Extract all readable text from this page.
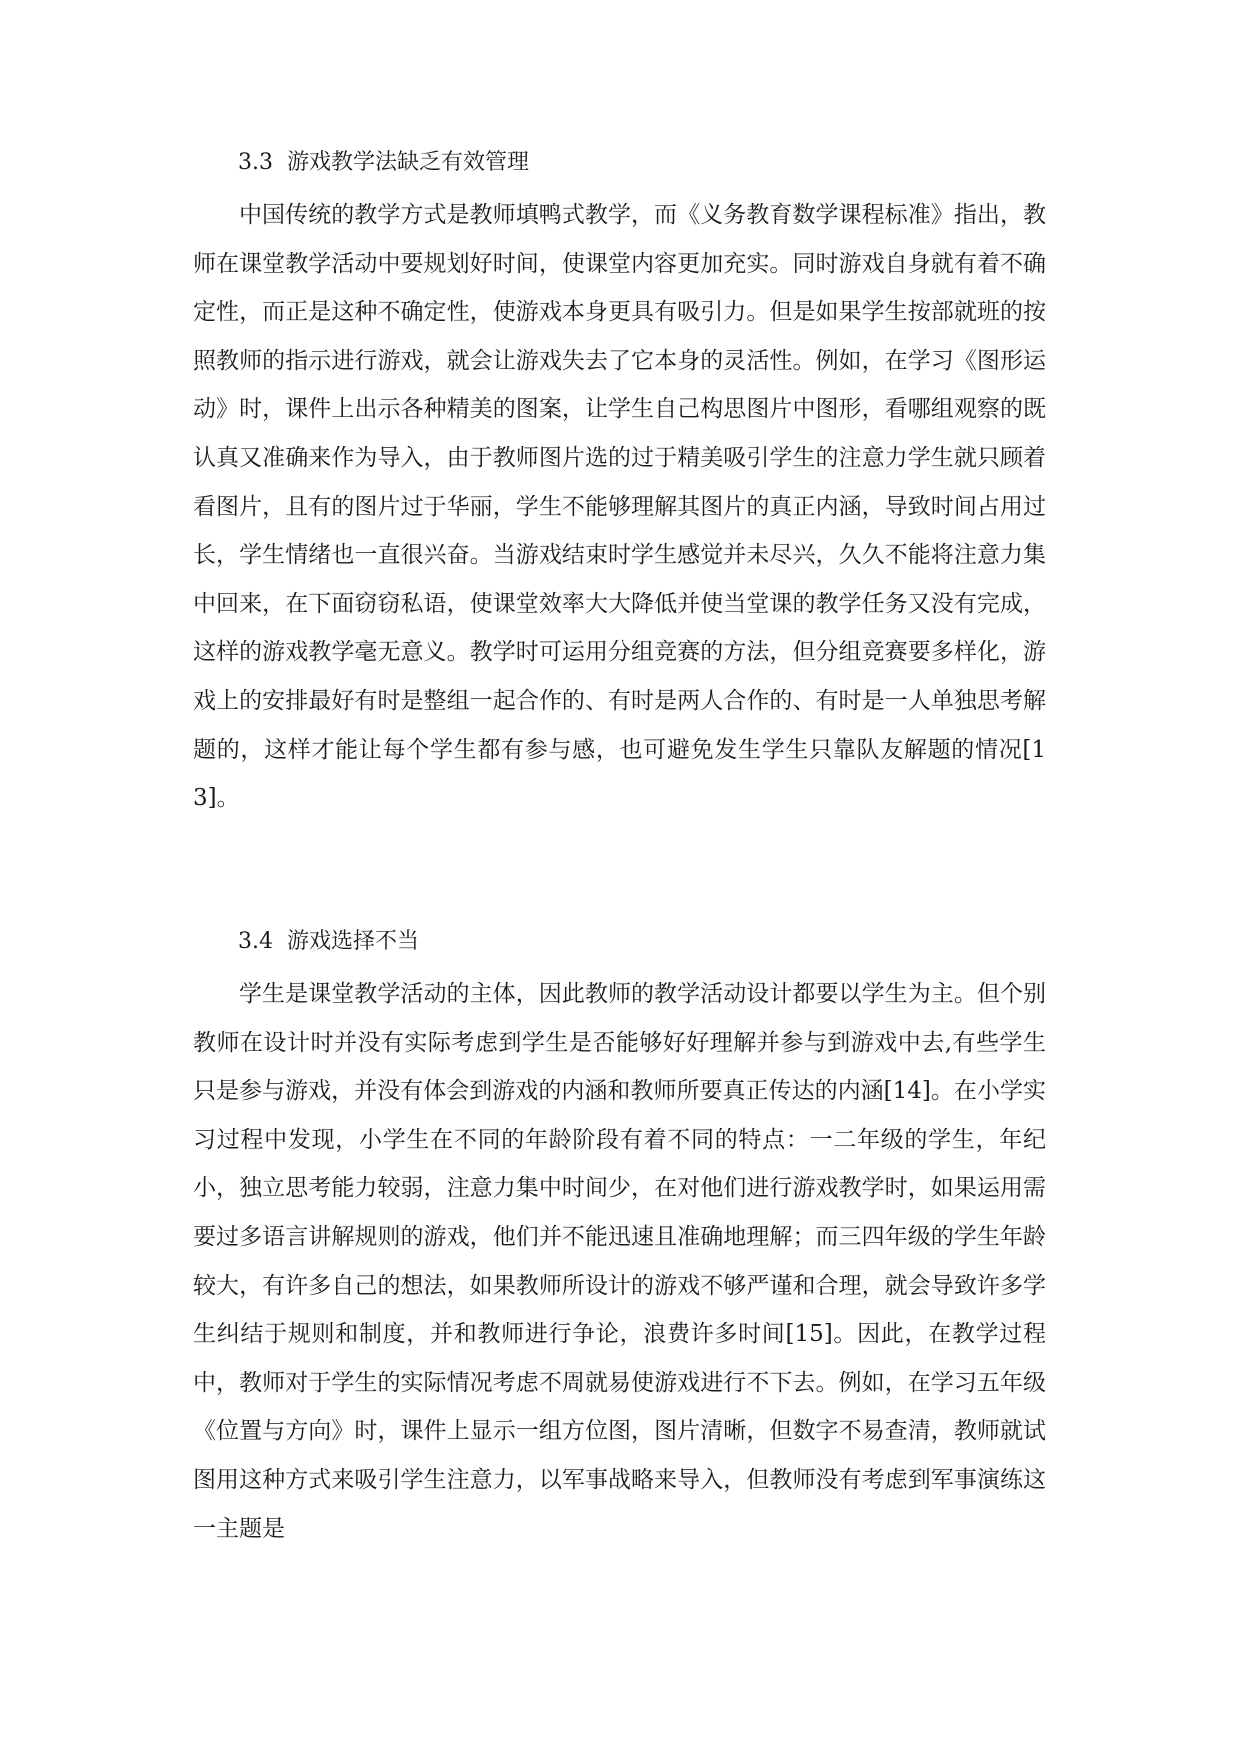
3.3 游戏教学法缺乏有效管理

中国传统的教学方式是教师填鸭式教学，而《义务教育数学课程标准》指出，教师在课堂教学活动中要规划好时间，使课堂内容更加充实。同时游戏自身就有着不确定性，而正是这种不确定性，使游戏本身更具有吸引力。但是如果学生按部就班的按照教师的指示进行游戏，就会让游戏失去了它本身的灵活性。例如，在学习《图形运动》时，课件上出示各种精美的图案，让学生自己构思图片中图形，看哪组观察的既认真又准确来作为导入，由于教师图片选的过于精美吸引学生的注意力学生就只顾着看图片，且有的图片过于华丽，学生不能够理解其图片的真正内涵，导致时间占用过长，学生情绪也一直很兴奋。当游戏结束时学生感觉并未尽兴，久久不能将注意力集中回来，在下面窃窃私语，使课堂效率大大降低并使当堂课的教学任务又没有完成，这样的游戏教学毫无意义。教学时可运用分组竞赛的方法，但分组竞赛要多样化，游戏上的安排最好有时是整组一起合作的、有时是两人合作的、有时是一人单独思考解题的，这样才能让每个学生都有参与感，也可避免发生学生只靠队友解题的情况[13]。

3.4 游戏选择不当

学生是课堂教学活动的主体，因此教师的教学活动设计都要以学生为主。但个别教师在设计时并没有实际考虑到学生是否能够好好理解并参与到游戏中去,有些学生只是参与游戏，并没有体会到游戏的内涵和教师所要真正传达的内涵[14]。在小学实习过程中发现，小学生在不同的年龄阶段有着不同的特点：一二年级的学生，年纪小，独立思考能力较弱，注意力集中时间少，在对他们进行游戏教学时，如果运用需要过多语言讲解规则的游戏，他们并不能迅速且准确地理解；而三四年级的学生年龄较大，有许多自己的想法，如果教师所设计的游戏不够严谨和合理，就会导致许多学生纠结于规则和制度，并和教师进行争论，浪费许多时间[15]。因此，在教学过程中，教师对于学生的实际情况考虑不周就易使游戏进行不下去。例如，在学习五年级《位置与方向》时，课件上显示一组方位图，图片清晰，但数字不易查清，教师就试图用这种方式来吸引学生注意力，以军事战略来导入，但教师没有考虑到军事演练这一主题是
